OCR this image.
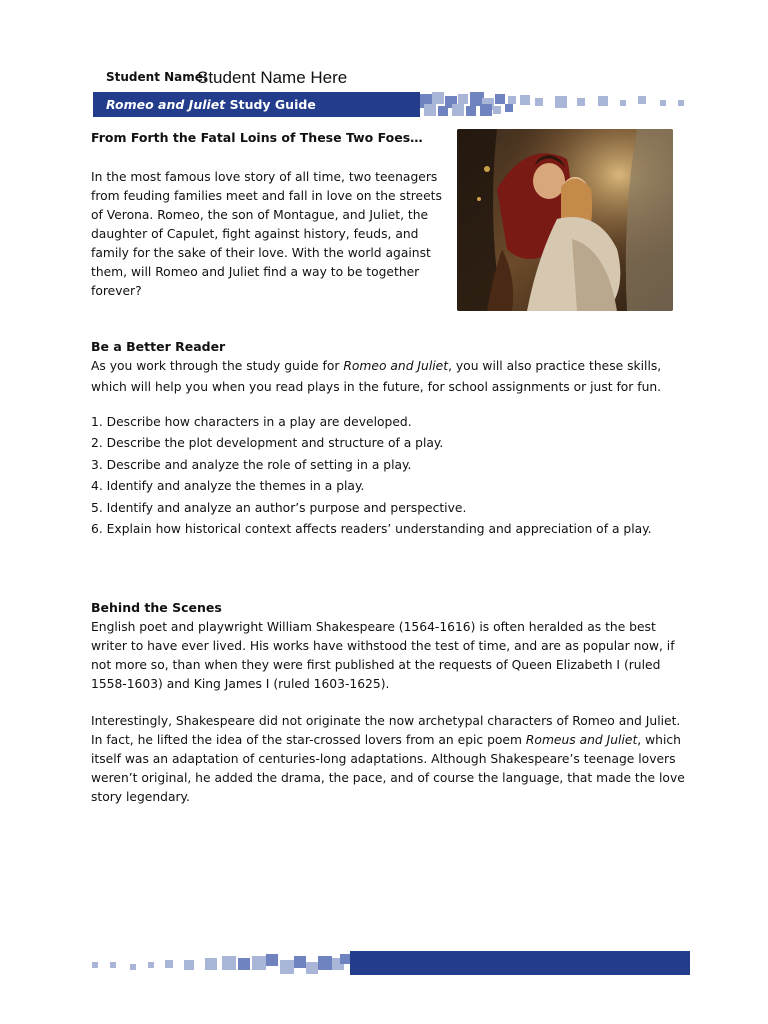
Student Name:
Student Name Here
Romeo and Juliet Study Guide
From Forth the Fatal Loins of These Two Foes…
In the most famous love story of all time, two teenagers from feuding families meet and fall in love on the streets of Verona. Romeo, the son of Montague, and Juliet, the daughter of Capulet, fight against history, feuds, and family for the sake of their love. With the world against them, will Romeo and Juliet find a way to be together forever?
Be a Better Reader
As you work through the study guide for Romeo and Juliet, you will also practice these skills, which will help you when you read plays in the future, for school assignments or just for fun.
1. Describe how characters in a play are developed.
2. Describe the plot development and structure of a play.
3. Describe and analyze the role of setting in a play.
4. Identify and analyze the themes in a play.
5. Identify and analyze an author’s purpose and perspective.
6. Explain how historical context affects readers’ understanding and appreciation of a play.
Behind the Scenes
English poet and playwright William Shakespeare (1564-1616) is often heralded as the best writer to have ever lived. His works have withstood the test of time, and are as popular now, if not more so, than when they were first published at the requests of Queen Elizabeth I (ruled 1558-1603) and King James I (ruled 1603-1625).
Interestingly, Shakespeare did not originate the now archetypal characters of Romeo and Juliet. In fact, he lifted the idea of the star-crossed lovers from an epic poem Romeus and Juliet, which itself was an adaptation of centuries-long adaptations. Although Shakespeare’s teenage lovers weren’t original, he added the drama, the pace, and of course the language, that made the love story legendary.
